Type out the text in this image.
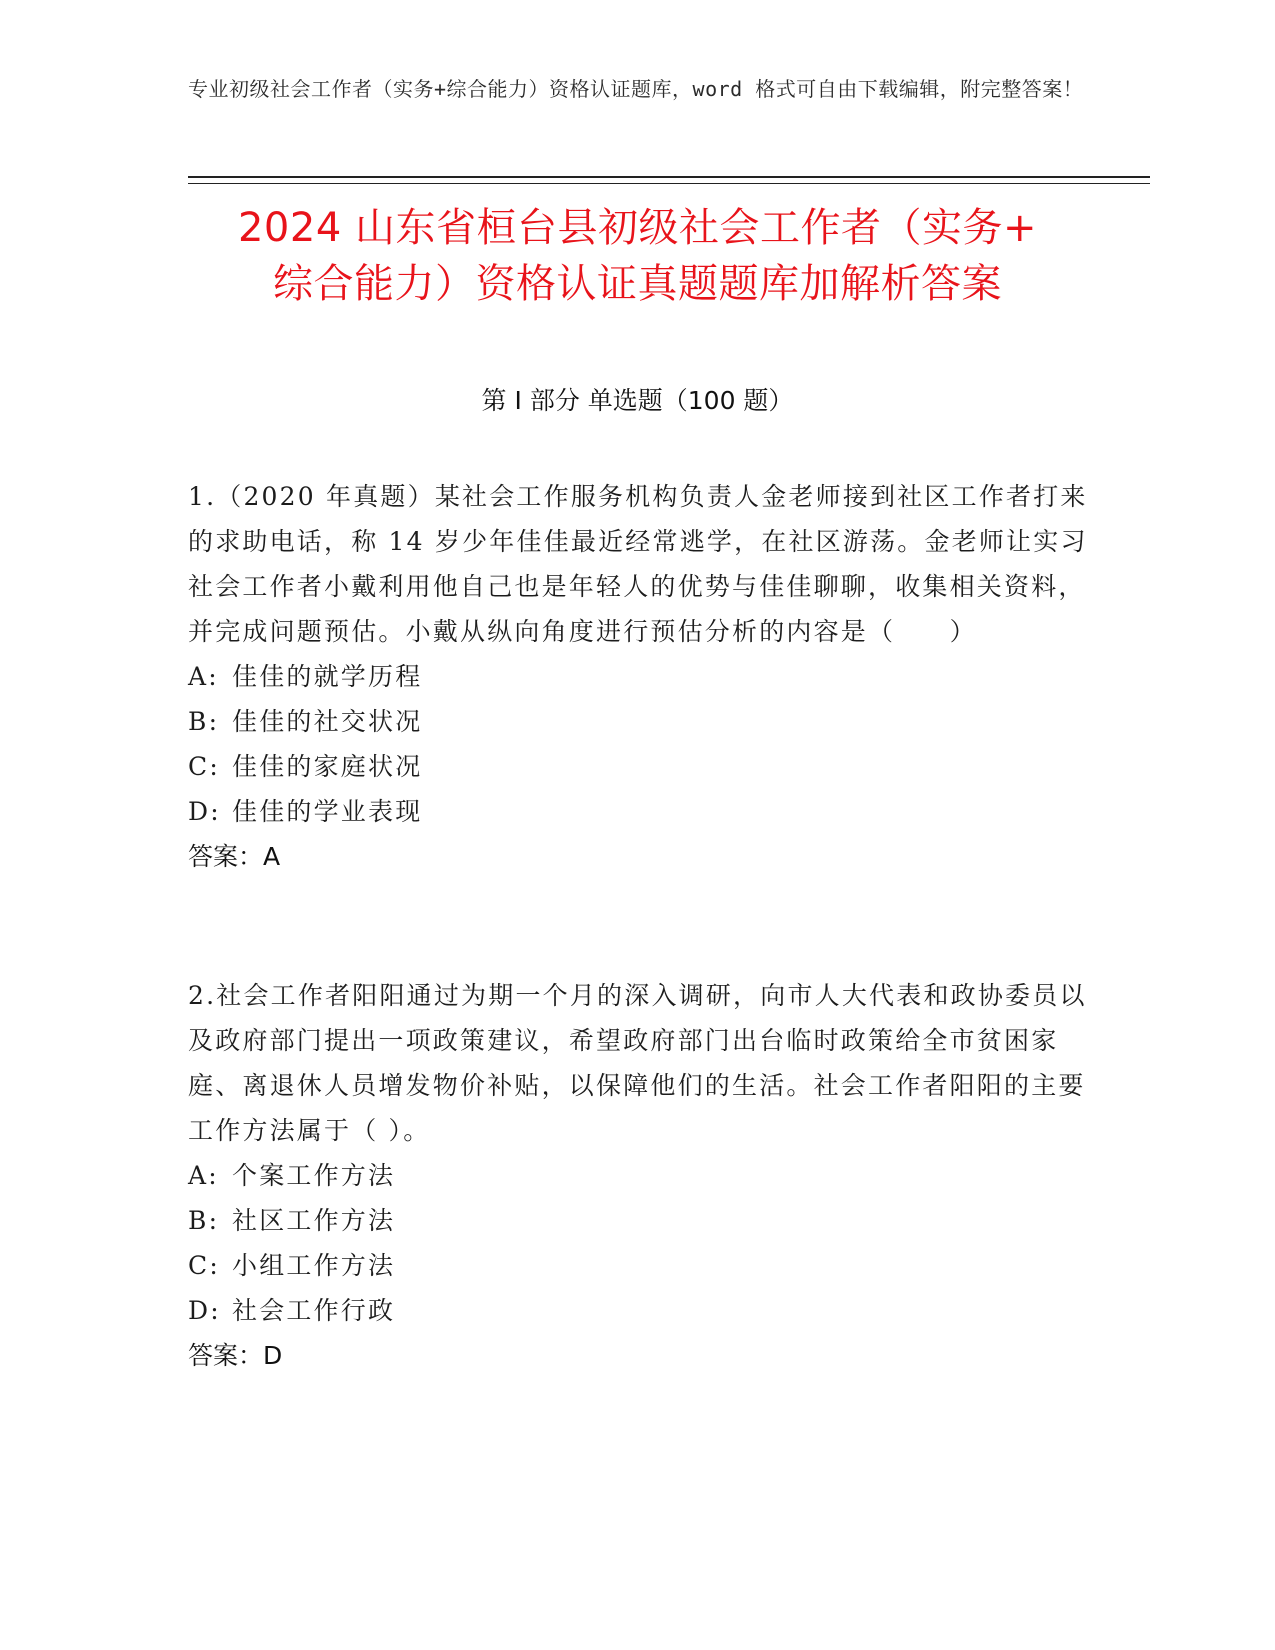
专业初级社会工作者（实务+综合能力）资格认证题库，word 格式可自由下载编辑，附完整答案！
2024 山东省桓台县初级社会工作者（实务+
综合能力）资格认证真题题库加解析答案
第 I 部分 单选题（100 题）

1.（2020 年真题）某社会工作服务机构负责人金老师接到社区工作者打来的求助电话，称 14 岁少年佳佳最近经常逃学，在社区游荡。金老师让实习社会工作者小戴利用他自己也是年轻人的优势与佳佳聊聊，收集相关资料，并完成问题预估。小戴从纵向角度进行预估分析的内容是（　　）

A: 佳佳的就学历程

B: 佳佳的社交状况

C: 佳佳的家庭状况

D: 佳佳的学业表现

答案：A

2.社会工作者阳阳通过为期一个月的深入调研，向市人大代表和政协委员以及政府部门提出一项政策建议，希望政府部门出台临时政策给全市贫困家庭、离退休人员增发物价补贴，以保障他们的生活。社会工作者阳阳的主要工作方法属于（ ）。

A: 个案工作方法

B: 社区工作方法

C: 小组工作方法

D: 社会工作行政

答案：D
